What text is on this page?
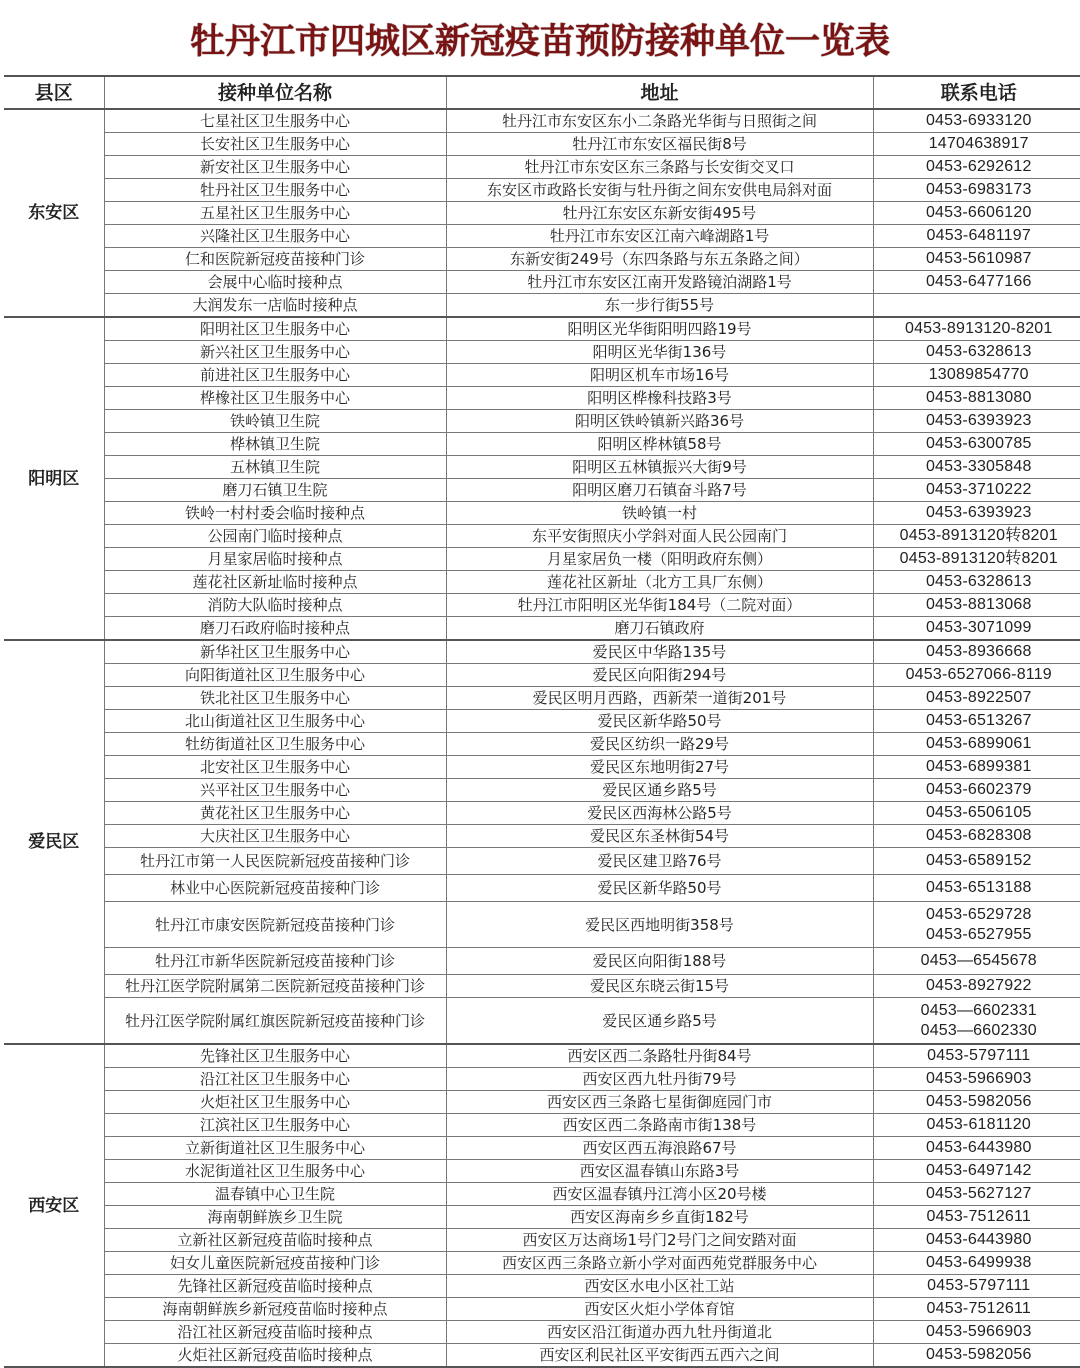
牡丹江市四城区新冠疫苗预防接种单位一览表
县区	接种单位名称	地址	联系电话
东安区	七星社区卫生服务中心	牡丹江市东安区东小二条路光华街与日照街之间	0453-6933120

	长安社区卫生服务中心	牡丹江市东安区福民街8号	14704638917

	新安社区卫生服务中心	牡丹江市东安区东三条路与长安街交叉口	0453-6292612

	牡丹社区卫生服务中心	东安区市政路长安街与牡丹街之间东安供电局斜对面	0453-6983173

	五星社区卫生服务中心	牡丹江东安区东新安街495号	0453-6606120

	兴隆社区卫生服务中心	牡丹江市东安区江南六峰湖路1号	0453-6481197

	仁和医院新冠疫苗接种门诊	东新安街249号（东四条路与东五条路之间）	0453-5610987

	会展中心临时接种点	牡丹江市东安区江南开发路镜泊湖路1号	0453-6477166

	大润发东一店临时接种点	东一步行街55号	

阳明区	阳明社区卫生服务中心	阳明区光华街阳明四路19号	0453-8913120-8201

	新兴社区卫生服务中心	阳明区光华街136号	0453-6328613

	前进社区卫生服务中心	阳明区机车市场16号	13089854770

	桦橡社区卫生服务中心	阳明区桦橡科技路3号	0453-8813080

	铁岭镇卫生院	阳明区铁岭镇新兴路36号	0453-6393923

	桦林镇卫生院	阳明区桦林镇58号	0453-6300785

	五林镇卫生院	阳明区五林镇振兴大街9号	0453-3305848

	磨刀石镇卫生院	阳明区磨刀石镇奋斗路7号	0453-3710222

	铁岭一村村委会临时接种点	铁岭镇一村	0453-6393923

	公园南门临时接种点	东平安街照庆小学斜对面人民公园南门	0453-8913120转8201

	月星家居临时接种点	月星家居负一楼（阳明政府东侧）	0453-8913120转8201

	莲花社区新址临时接种点	莲花社区新址（北方工具厂东侧）	0453-6328613

	消防大队临时接种点	牡丹江市阳明区光华街184号（二院对面）	0453-8813068

	磨刀石政府临时接种点	磨刀石镇政府	0453-3071099

爱民区	新华社区卫生服务中心	爱民区中华路135号	0453-8936668

	向阳街道社区卫生服务中心	爱民区向阳街294号	0453-6527066-8119

	铁北社区卫生服务中心	爱民区明月西路，西新荣一道街201号	0453-8922507

	北山街道社区卫生服务中心	爱民区新华路50号	0453-6513267

	牡纺街道社区卫生服务中心	爱民区纺织一路29号	0453-6899061

	北安社区卫生服务中心	爱民区东地明街27号	0453-6899381

	兴平社区卫生服务中心	爱民区通乡路5号	0453-6602379

	黄花社区卫生服务中心	爱民区西海林公路5号	0453-6506105

	大庆社区卫生服务中心	爱民区东圣林街54号	0453-6828308

	牡丹江市第一人民医院新冠疫苗接种门诊	爱民区建卫路76号	0453-6589152

	林业中心医院新冠疫苗接种门诊	爱民区新华路50号	0453-6513188

	牡丹江市康安医院新冠疫苗接种门诊	爱民区西地明街358号	0453-6529728
0453-6527955

	牡丹江市新华医院新冠疫苗接种门诊	爱民区向阳街188号	0453—6545678

	牡丹江医学院附属第二医院新冠疫苗接种门诊	爱民区东晓云街15号	0453-8927922

	牡丹江医学院附属红旗医院新冠疫苗接种门诊	爱民区通乡路5号	0453—6602331
0453—6602330

西安区	先锋社区卫生服务中心	西安区西二条路牡丹街84号	0453-5797111

	沿江社区卫生服务中心	西安区西九牡丹街79号	0453-5966903

	火炬社区卫生服务中心	西安区西三条路七星街御庭园门市	0453-5982056

	江滨社区卫生服务中心	西安区西二条路南市街138号	0453-6181120

	立新街道社区卫生服务中心	西安区西五海浪路67号	0453-6443980

	水泥街道社区卫生服务中心	西安区温春镇山东路3号	0453-6497142

	温春镇中心卫生院	西安区温春镇丹江湾小区20号楼	0453-5627127

	海南朝鲜族乡卫生院	西安区海南乡乡直街182号	0453-7512611

	立新社区新冠疫苗临时接种点	西安区万达商场1号门2号门之间安踏对面	0453-6443980

	妇女儿童医院新冠疫苗接种门诊	西安区西三条路立新小学对面西苑党群服务中心	0453-6499938

	先锋社区新冠疫苗临时接种点	西安区水电小区社工站	0453-5797111

	海南朝鲜族乡新冠疫苗临时接种点	西安区火炬小学体育馆	0453-7512611

	沿江社区新冠疫苗临时接种点	西安区沿江街道办西九牡丹街道北	0453-5966903

	火炬社区新冠疫苗临时接种点	西安区利民社区平安街西五西六之间	0453-5982056
